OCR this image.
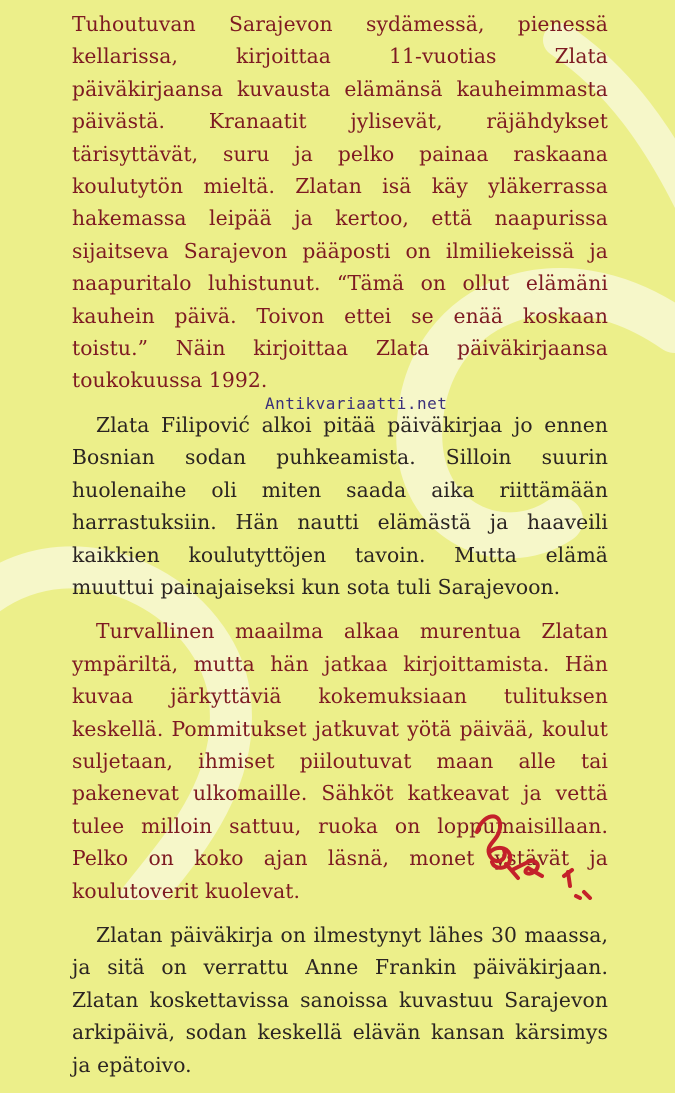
Tuhoutuvan Sarajevon sydämessä, pienessä kellarissa, kirjoittaa 11-vuotias Zlata päiväkirjaansa kuvausta elämänsä kauheimmasta päivästä. Kranaatit jylisevät, räjähdykset tärisyttävät, suru ja pelko painaa raskaana koulutytön mieltä. Zlatan isä käy yläkerrassa hakemassa leipää ja kertoo, että naapurissa sijaitseva Sarajevon pääposti on ilmiliekeissä ja naapuritalo luhistunut. “Tämä on ollut elämäni kauhein päivä. Toivon ettei se enää koskaan toistu.” Näin kirjoittaa Zlata päiväkirjaansa toukokuussa 1992.

Zlata Filipović alkoi pitää päiväkirjaa jo ennen Bosnian sodan puhkeamista. Silloin suurin huolenaihe oli miten saada aika riittämään harrastuksiin. Hän nautti elämästä ja haaveili kaikkien koulutyttöjen tavoin. Mutta elämä muuttui painajaiseksi kun sota tuli Sarajevoon.

Turvallinen maailma alkaa murentua Zlatan ympäriltä, mutta hän jatkaa kirjoittamista. Hän kuvaa järkyttäviä kokemuksiaan tulituksen keskellä. Pommitukset jatkuvat yötä päivää, koulut suljetaan, ihmiset piiloutuvat maan alle tai pakenevat ulkomaille. Sähköt katkeavat ja vettä tulee milloin sattuu, ruoka on loppumaisillaan. Pelko on koko ajan läsnä, monet ystävät ja koulutoverit kuolevat.

Zlatan päiväkirja on ilmestynyt lähes 30 maassa, ja sitä on verrattu Anne Frankin päiväkirjaan. Zlatan koskettavissa sanoissa kuvastuu Sarajevon arkipäivä, sodan keskellä elävän kansan kärsimys ja epätoivo.

Antikvariaatti.net
